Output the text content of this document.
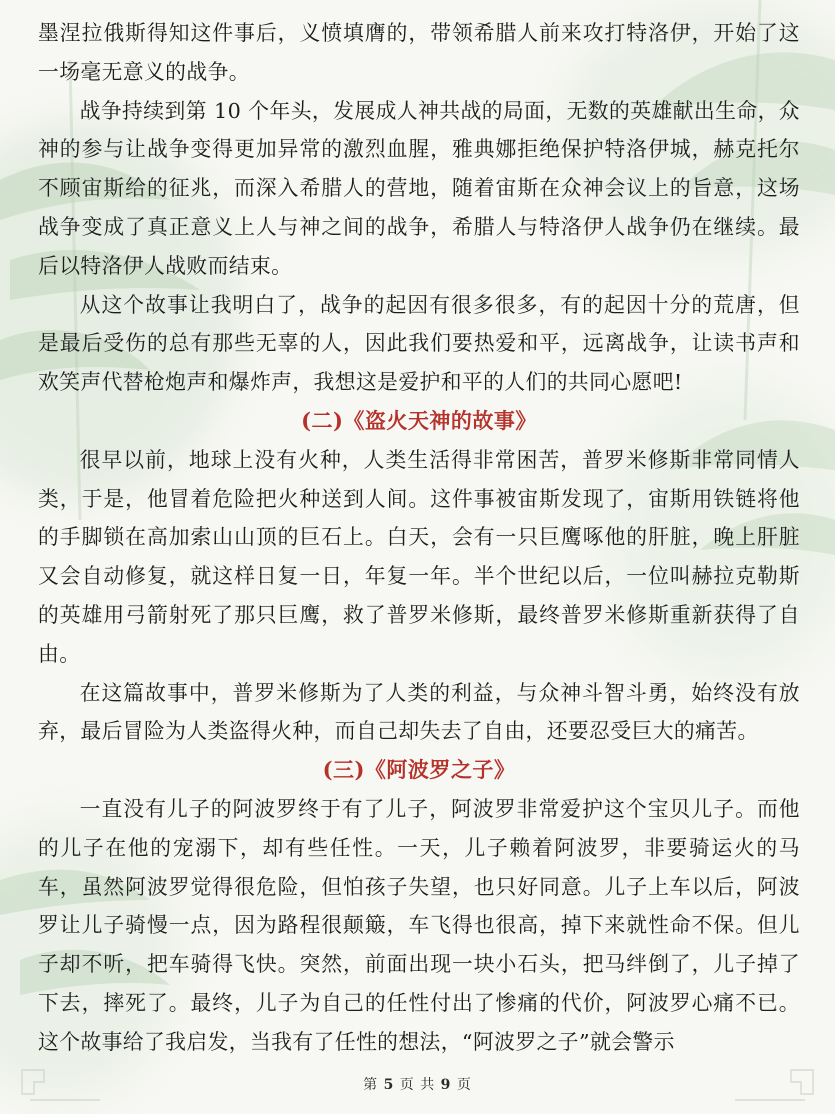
墨涅拉俄斯得知这件事后，义愤填膺的，带领希腊人前来攻打特洛伊，开始了这一场毫无意义的战争。

战争持续到第 10 个年头，发展成人神共战的局面，无数的英雄献出生命，众神的参与让战争变得更加异常的激烈血腥，雅典娜拒绝保护特洛伊城，赫克托尔不顾宙斯给的征兆，而深入希腊人的营地，随着宙斯在众神会议上的旨意，这场战争变成了真正意义上人与神之间的战争，希腊人与特洛伊人战争仍在继续。最后以特洛伊人战败而结束。

从这个故事让我明白了，战争的起因有很多很多，有的起因十分的荒唐，但是最后受伤的总有那些无辜的人，因此我们要热爱和平，远离战争，让读书声和欢笑声代替枪炮声和爆炸声，我想这是爱护和平的人们的共同心愿吧!

(二)《盗火天神的故事》

很早以前，地球上没有火种，人类生活得非常困苦，普罗米修斯非常同情人类，于是，他冒着危险把火种送到人间。这件事被宙斯发现了，宙斯用铁链将他的手脚锁在高加索山山顶的巨石上。白天，会有一只巨鹰啄他的肝脏，晚上肝脏又会自动修复，就这样日复一日，年复一年。半个世纪以后，一位叫赫拉克勒斯的英雄用弓箭射死了那只巨鹰，救了普罗米修斯，最终普罗米修斯重新获得了自由。

在这篇故事中，普罗米修斯为了人类的利益，与众神斗智斗勇，始终没有放弃，最后冒险为人类盗得火种，而自己却失去了自由，还要忍受巨大的痛苦。

(三)《阿波罗之子》

一直没有儿子的阿波罗终于有了儿子，阿波罗非常爱护这个宝贝儿子。而他的儿子在他的宠溺下，却有些任性。一天，儿子赖着阿波罗，非要骑运火的马车，虽然阿波罗觉得很危险，但怕孩子失望，也只好同意。儿子上车以后，阿波罗让儿子骑慢一点，因为路程很颠簸，车飞得也很高，掉下来就性命不保。但儿子却不听，把车骑得飞快。突然，前面出现一块小石头，把马绊倒了，儿子掉了下去，摔死了。最终，儿子为自己的任性付出了惨痛的代价，阿波罗心痛不已。这个故事给了我启发，当我有了任性的想法，“阿波罗之子”就会警示

第 5 页 共 9 页
